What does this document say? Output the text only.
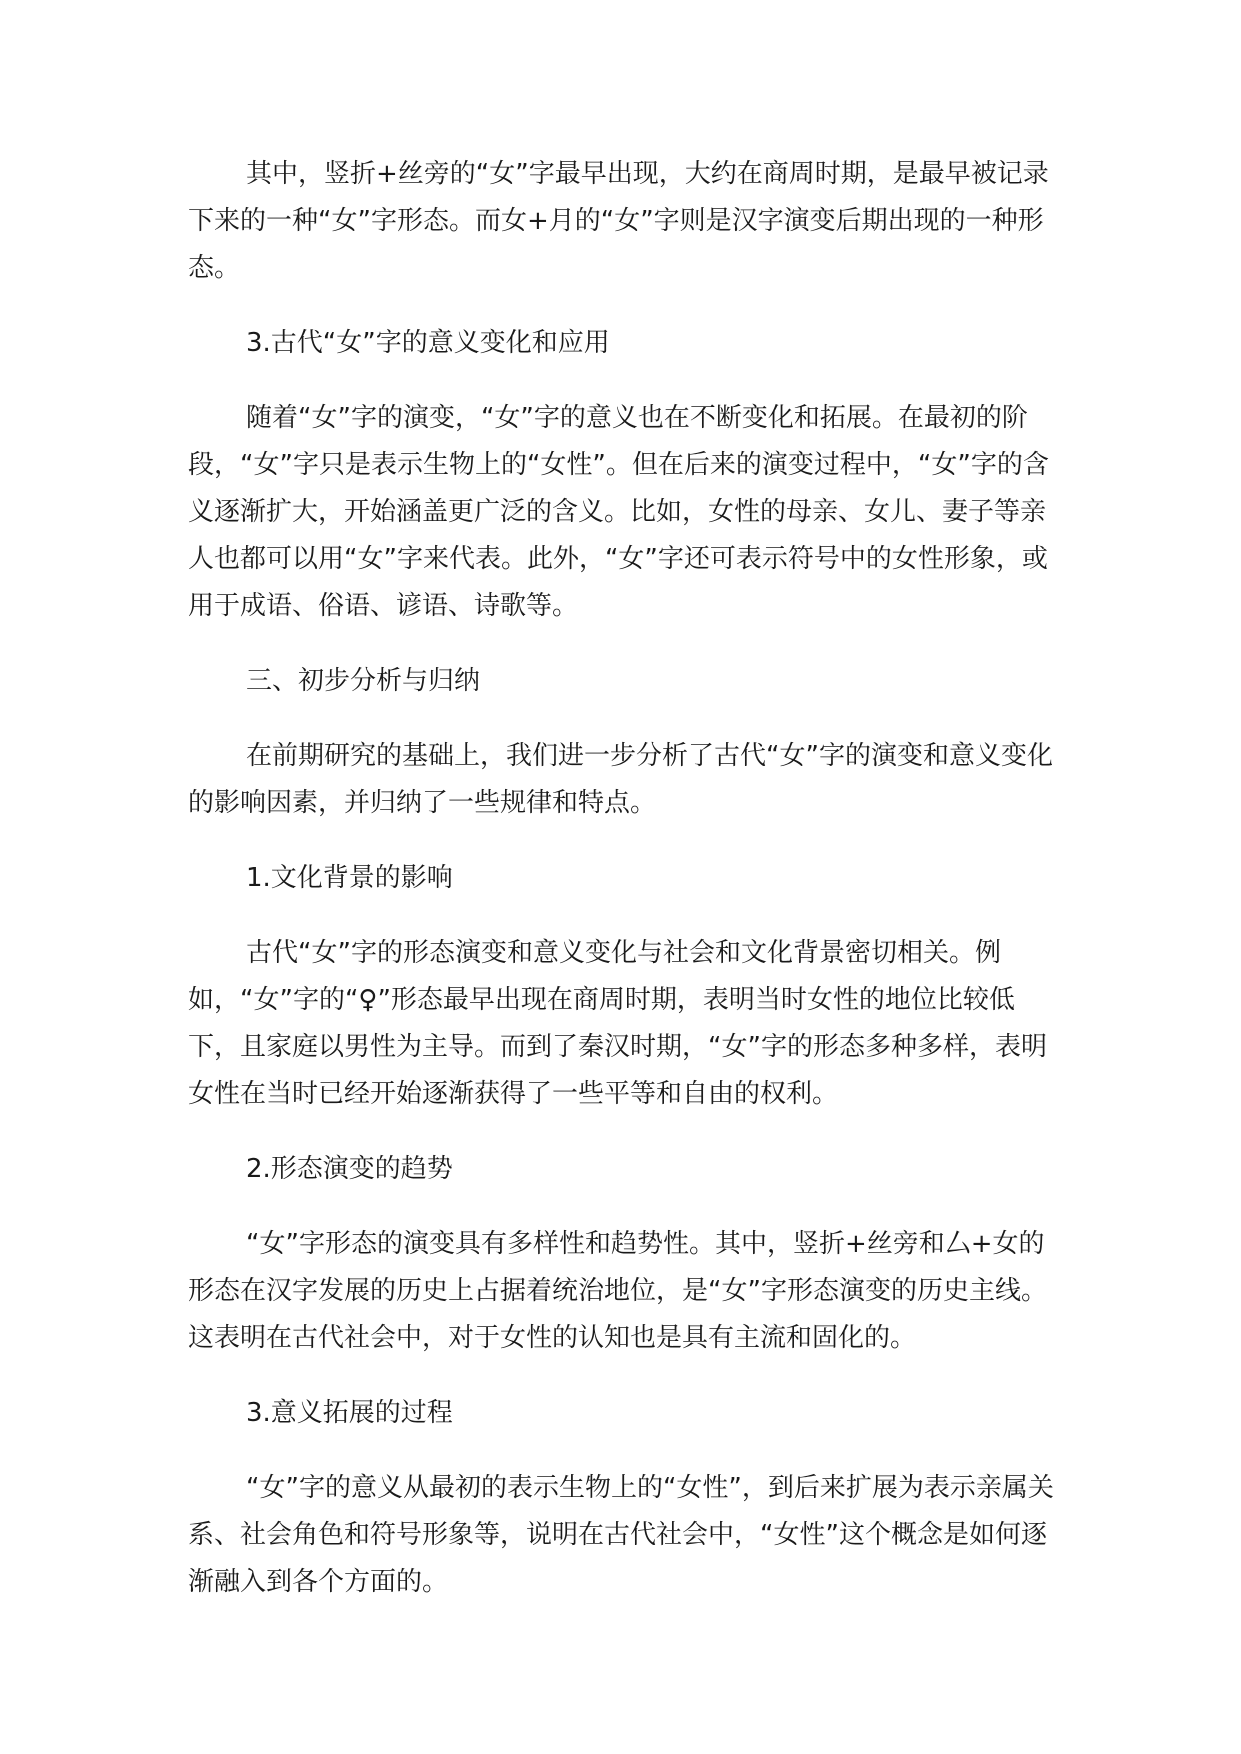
其中，竖折+丝旁的“女”字最早出现，大约在商周时期，是最早被记录下来的一种“女”字形态。而女+月的“女”字则是汉字演变后期出现的一种形态。

3.古代“女”字的意义变化和应用

随着“女”字的演变，“女”字的意义也在不断变化和拓展。在最初的阶段，“女”字只是表示生物上的“女性”。但在后来的演变过程中，“女”字的含义逐渐扩大，开始涵盖更广泛的含义。比如，女性的母亲、女儿、妻子等亲人也都可以用“女”字来代表。此外，“女”字还可表示符号中的女性形象，或用于成语、俗语、谚语、诗歌等。

三、初步分析与归纳

在前期研究的基础上，我们进一步分析了古代“女”字的演变和意义变化的影响因素，并归纳了一些规律和特点。

1.文化背景的影响

古代“女”字的形态演变和意义变化与社会和文化背景密切相关。例如，“女”字的“♀”形态最早出现在商周时期，表明当时女性的地位比较低下，且家庭以男性为主导。而到了秦汉时期，“女”字的形态多种多样，表明女性在当时已经开始逐渐获得了一些平等和自由的权利。

2.形态演变的趋势

“女”字形态的演变具有多样性和趋势性。其中，竖折+丝旁和厶+女的形态在汉字发展的历史上占据着统治地位，是“女”字形态演变的历史主线。这表明在古代社会中，对于女性的认知也是具有主流和固化的。

3.意义拓展的过程

“女”字的意义从最初的表示生物上的“女性”，到后来扩展为表示亲属关系、社会角色和符号形象等，说明在古代社会中，“女性”这个概念是如何逐渐融入到各个方面的。
